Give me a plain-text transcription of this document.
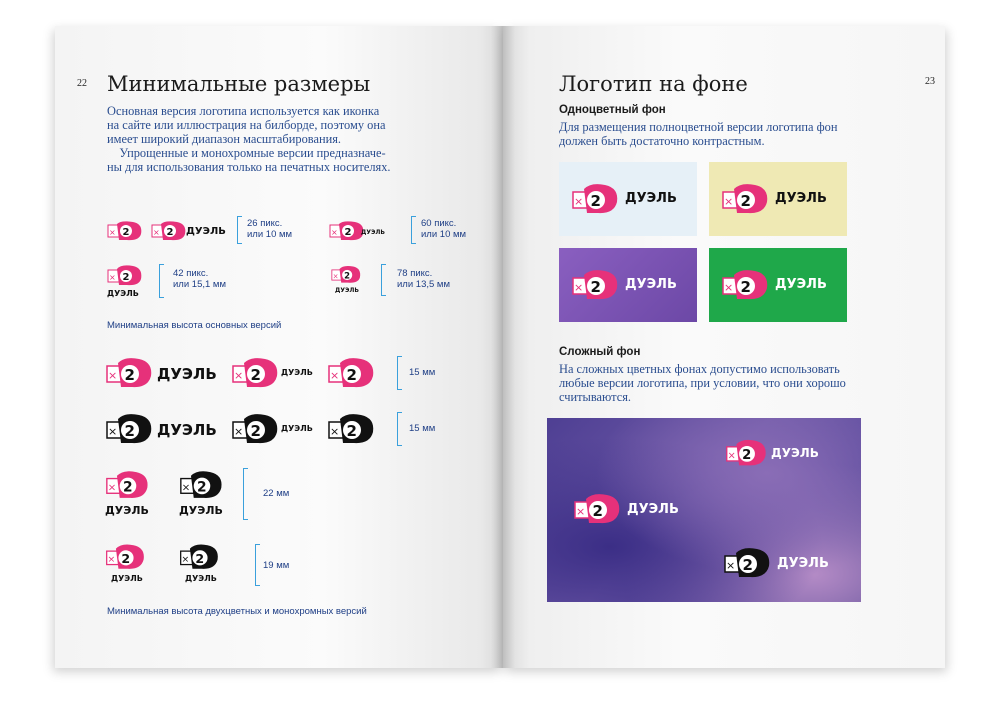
22 Минимальные размеры
Основная версия логотипа используется как иконка
на сайте или иллюстрация на билборде, поэтому она
имеет широкий диапазон масштабирования.
Упрощенные и монохромные версии предназначе-
ны для использования только на печатных носителях.
× 2	× 2 ДУЭЛЬ
26 пикс.
или 10 мм	× 2 ДУЭЛЬ
60 пикс.
или 10 мм
× 2
ДУЭЛЬ
42 пикс.
или 15,1 мм
× 2
ДУЭЛЬ
78 пикс.
или 13,5 мм
Минимальная высота основных версий
× 2 ДУЭЛЬ × 2	ДУЭЛЬ × 2	15 мм
× 2 ДУЭЛЬ × 2	ДУЭЛЬ × 2	15 мм
× 2
ДУЭЛЬ
× 2
ДУЭЛЬ
22 мм
× 2
ДУЭЛЬ
× 2
ДУЭЛЬ
19 мм
Минимальная высота двухцветных и монохромных версий
Логотип на фоне	23
Одноцветный фон
Для размещения полноцветной версии логотипа фон
должен быть достаточно контрастным.
× 2 ДУЭЛЬ	× 2 ДУЭЛЬ
× 2 ДУЭЛЬ	× 2 ДУЭЛЬ
Сложный фон
На сложных цветных фонах допустимо использовать
любые версии логотипа, при условии, что они хорошо
считываются.
× 2 ДУЭЛЬ
× 2 ДУЭЛЬ
× 2 ДУЭЛЬ
